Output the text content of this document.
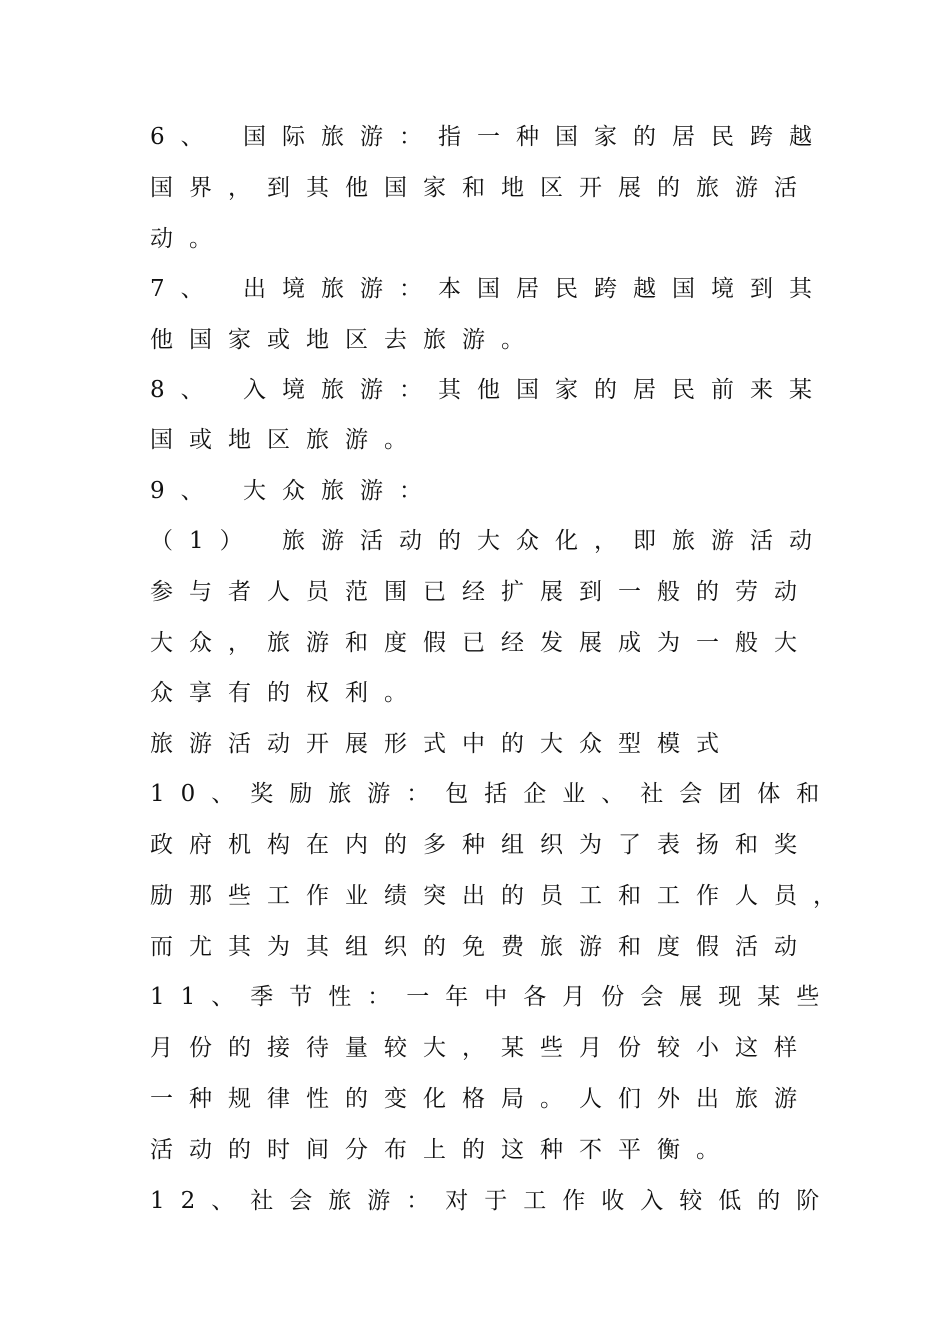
6、 国际旅游：指一种国家的居民跨越
国界，到其他国家和地区开展的旅游活
动。
7、 出境旅游：本国居民跨越国境到其
他国家或地区去旅游。
8、 入境旅游：其他国家的居民前来某
国或地区旅游。
9、 大众旅游：
（1） 旅游活动的大众化，即旅游活动
参与者人员范围已经扩展到一般的劳动
大众，旅游和度假已经发展成为一般大
众享有的权利。
旅游活动开展形式中的大众型模式
10、奖励旅游：包括企业、社会团体和
政府机构在内的多种组织为了表扬和奖
励那些工作业绩突出的员工和工作人员，
而尤其为其组织的免费旅游和度假活动
11、季节性：一年中各月份会展现某些
月份的接待量较大，某些月份较小这样
一种规律性的变化格局。人们外出旅游
活动的时间分布上的这种不平衡。
12、社会旅游：对于工作收入较低的阶
